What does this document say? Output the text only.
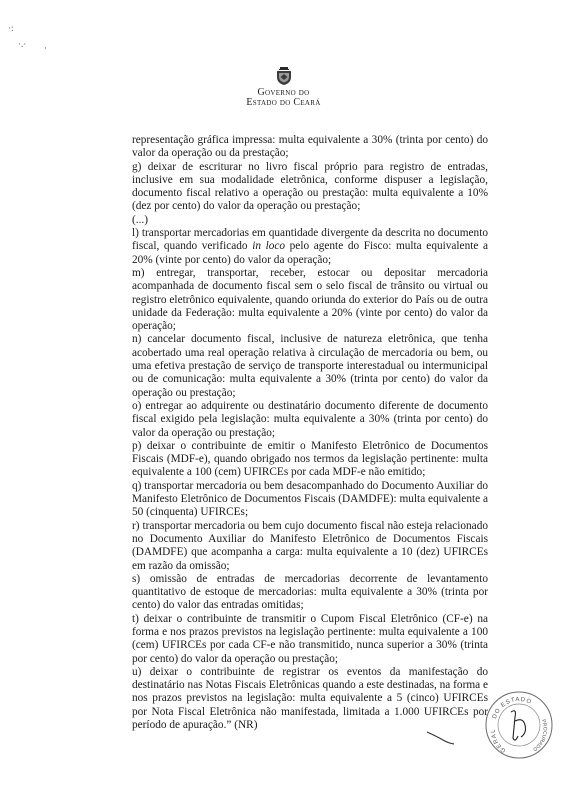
·:
·.· ·
Governo do
Estado do Ceará

representação gráfica impressa: multa equivalente a 30% (trinta por cento) do valor da operação ou da prestação;

g) deixar de escriturar no livro fiscal próprio para registro de entradas, inclusive em sua modalidade eletrônica, conforme dispuser a legislação, documento fiscal relativo a operação ou prestação: multa equivalente a 10% (dez por cento) do valor da operação ou prestação;

(...)

l) transportar mercadorias em quantidade divergente da descrita no documento fiscal, quando verificado in loco pelo agente do Fisco: multa equivalente a 20% (vinte por cento) do valor da operação;

m) entregar, transportar, receber, estocar ou depositar mercadoria acompanhada de documento fiscal sem o selo fiscal de trânsito ou virtual ou registro eletrônico equivalente, quando oriunda do exterior do País ou de outra unidade da Federação: multa equivalente a 20% (vinte por cento) do valor da operação;

n) cancelar documento fiscal, inclusive de natureza eletrônica, que tenha acobertado uma real operação relativa à circulação de mercadoria ou bem, ou uma efetiva prestação de serviço de transporte interestadual ou intermunicipal ou de comunicação: multa equivalente a 30% (trinta por cento) do valor da operação ou prestação;

o) entregar ao adquirente ou destinatário documento diferente de documento fiscal exigido pela legislação: multa equivalente a 30% (trinta por cento) do valor da operação ou prestação;

p) deixar o contribuinte de emitir o Manifesto Eletrônico de Documentos Fiscais (MDF-e), quando obrigado nos termos da legislação pertinente: multa equivalente a 100 (cem) UFIRCEs por cada MDF-e não emitido;

q) transportar mercadoria ou bem desacompanhado do Documento Auxiliar do Manifesto Eletrônico de Documentos Fiscais (DAMDFE): multa equivalente a 50 (cinquenta) UFIRCEs;

r) transportar mercadoria ou bem cujo documento fiscal não esteja relacionado no Documento Auxiliar do Manifesto Eletrônico de Documentos Fiscais (DAMDFE) que acompanha a carga: multa equivalente a 10 (dez) UFIRCEs em razão da omissão;

s) omissão de entradas de mercadorias decorrente de levantamento quantitativo de estoque de mercadorias: multa equivalente a 30% (trinta por cento) do valor das entradas omitidas;

t) deixar o contribuinte de transmitir o Cupom Fiscal Eletrônico (CF-e) na forma e nos prazos previstos na legislação pertinente: multa equivalente a 100 (cem) UFIRCEs por cada CF-e não transmitido, nunca superior a 30% (trinta por cento) do valor da operação ou prestação;

u) deixar o contribuinte de registrar os eventos da manifestação do destinatário nas Notas Fiscais Eletrônicas quando a este destinadas, na forma e nos prazos previstos na legislação: multa equivalente a 5 (cinco) UFIRCEs por Nota Fiscal Eletrônica não manifestada, limitada a 1.000 UFIRCEs por período de apuração.” (NR)

DO ESTADO
GERAL
PROCURADO
